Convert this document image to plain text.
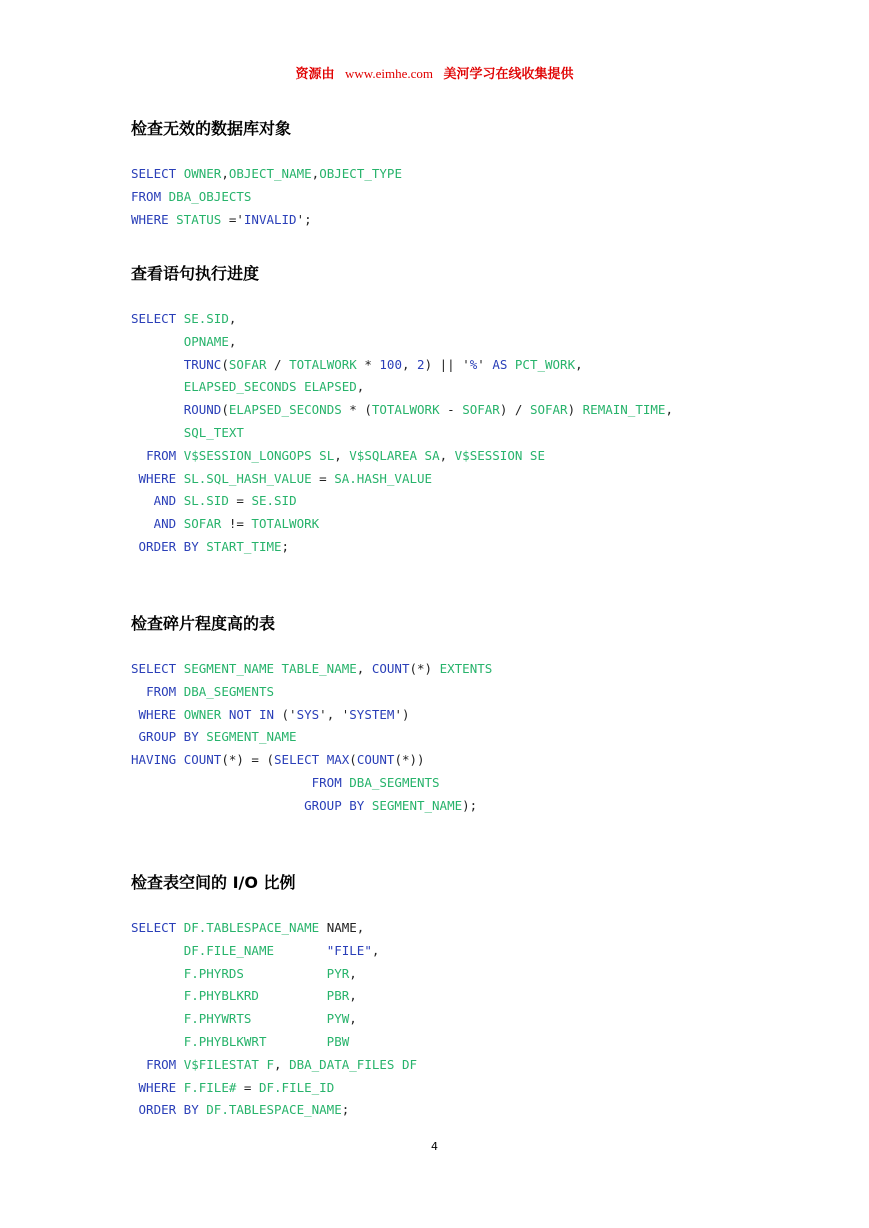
资源由 www.eimhe.com 美河学习在线收集提供
检查无效的数据库对象
SELECT OWNER,OBJECT_NAME,OBJECT_TYPE
FROM DBA_OBJECTS
WHERE STATUS ='INVALID';
查看语句执行进度
SELECT SE.SID,
OPNAME,
TRUNC(SOFAR / TOTALWORK * 100, 2) || '%' AS PCT_WORK,
ELAPSED_SECONDS ELAPSED,
ROUND(ELAPSED_SECONDS * (TOTALWORK - SOFAR) / SOFAR) REMAIN_TIME,
SQL_TEXT
FROM V$SESSION_LONGOPS SL, V$SQLAREA SA, V$SESSION SE
WHERE SL.SQL_HASH_VALUE = SA.HASH_VALUE
AND SL.SID = SE.SID
AND SOFAR != TOTALWORK
ORDER BY START_TIME;
检查碎片程度高的表
SELECT SEGMENT_NAME TABLE_NAME, COUNT(*) EXTENTS
FROM DBA_SEGMENTS
WHERE OWNER NOT IN ('SYS', 'SYSTEM')
GROUP BY SEGMENT_NAME
HAVING COUNT(*) = (SELECT MAX(COUNT(*))
FROM DBA_SEGMENTS
GROUP BY SEGMENT_NAME);
检查表空间的 I/O 比例
SELECT DF.TABLESPACE_NAME NAME,
DF.FILE_NAME       "FILE",
F.PHYRDS           PYR,
F.PHYBLKRD         PBR,
F.PHYWRTS          PYW,
F.PHYBLKWRT        PBW
FROM V$FILESTAT F, DBA_DATA_FILES DF
WHERE F.FILE# = DF.FILE_ID
ORDER BY DF.TABLESPACE_NAME;
4
